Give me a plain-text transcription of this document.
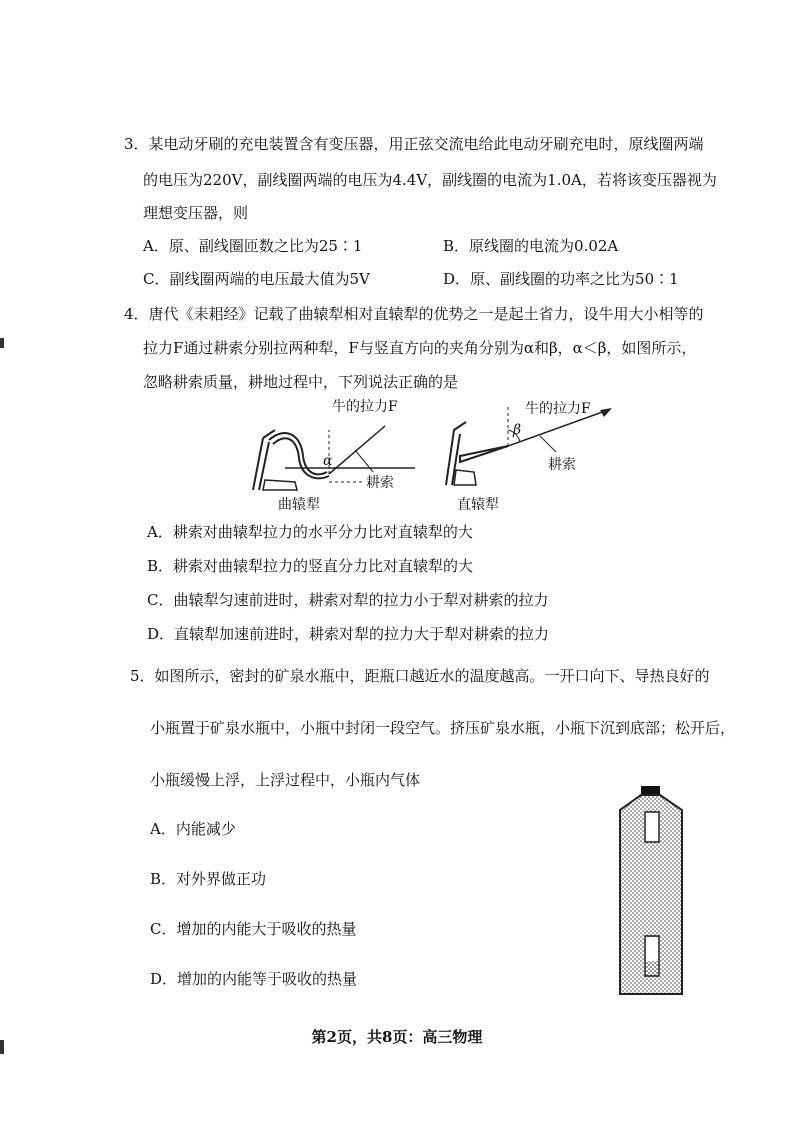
3．某电动牙刷的充电装置含有变压器，用正弦交流电给此电动牙刷充电时，原线圈两端
的电压为220V，副线圈两端的电压为4.4V，副线圈的电流为1.0A，若将该变压器视为
理想变压器，则
A．原、副线圈匝数之比为25∶1	B．原线圈的电流为0.02A
C．副线圈两端的电压最大值为5V	D．原、副线圈的功率之比为50∶1
4．唐代《耒耜经》记载了曲辕犁相对直辕犁的优势之一是起土省力，设牛用大小相等的
拉力F通过耕索分别拉两种犁，F与竖直方向的夹角分别为α和β，α＜β，如图所示，
忽略耕索质量，耕地过程中，下列说法正确的是
牛的拉力F
α
耕索
曲辕犁
牛的拉力F
β
耕索
直辕犁
A．耕索对曲辕犁拉力的水平分力比对直辕犁的大
B．耕索对曲辕犁拉力的竖直分力比对直辕犁的大
C．曲辕犁匀速前进时，耕索对犁的拉力小于犁对耕索的拉力
D．直辕犁加速前进时，耕索对犁的拉力大于犁对耕索的拉力
5．如图所示，密封的矿泉水瓶中，距瓶口越近水的温度越高。一开口向下、导热良好的
小瓶置于矿泉水瓶中，小瓶中封闭一段空气。挤压矿泉水瓶，小瓶下沉到底部；松开后，
小瓶缓慢上浮，上浮过程中，小瓶内气体
A．内能减少
B．对外界做正功
C．增加的内能大于吸收的热量
D．增加的内能等于吸收的热量
第2页，共8页：高三物理
